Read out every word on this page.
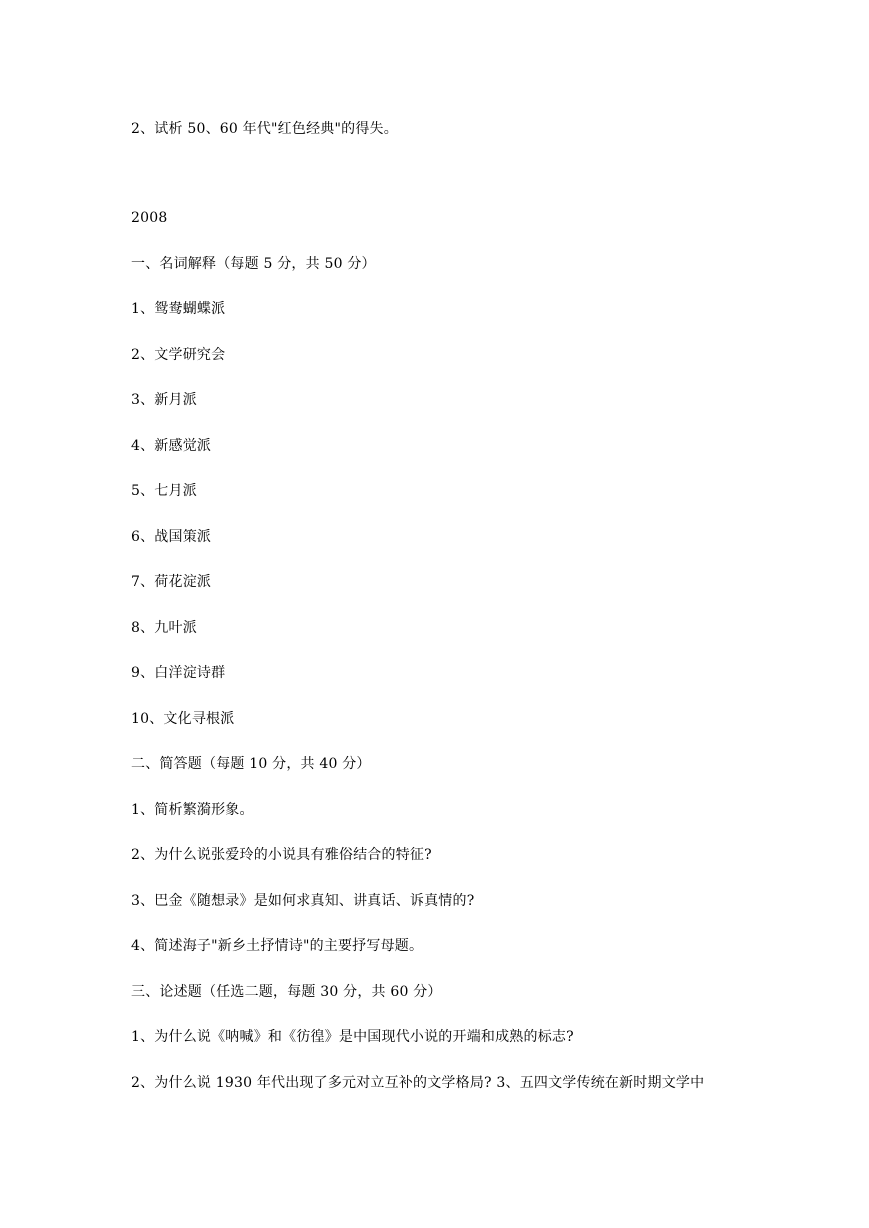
2、试析 50、60 年代"红色经典"的得失。
2008
一、名词解释（每题 5 分，共 50 分）
1、鸳鸯蝴蝶派
2、文学研究会
3、新月派
4、新感觉派
5、七月派
6、战国策派
7、荷花淀派
8、九叶派
9、白洋淀诗群
10、文化寻根派
二、简答题（每题 10 分，共 40 分）
1、简析繁漪形象。
2、为什么说张爱玲的小说具有雅俗结合的特征?
3、巴金《随想录》是如何求真知、讲真话、诉真情的?
4、简述海子"新乡土抒情诗"的主要抒写母题。
三、论述题（任选二题，每题 30 分，共 60 分）
1、为什么说《呐喊》和《彷徨》是中国现代小说的开端和成熟的标志?
2、为什么说 1930 年代出现了多元对立互补的文学格局? 3、五四文学传统在新时期文学中
